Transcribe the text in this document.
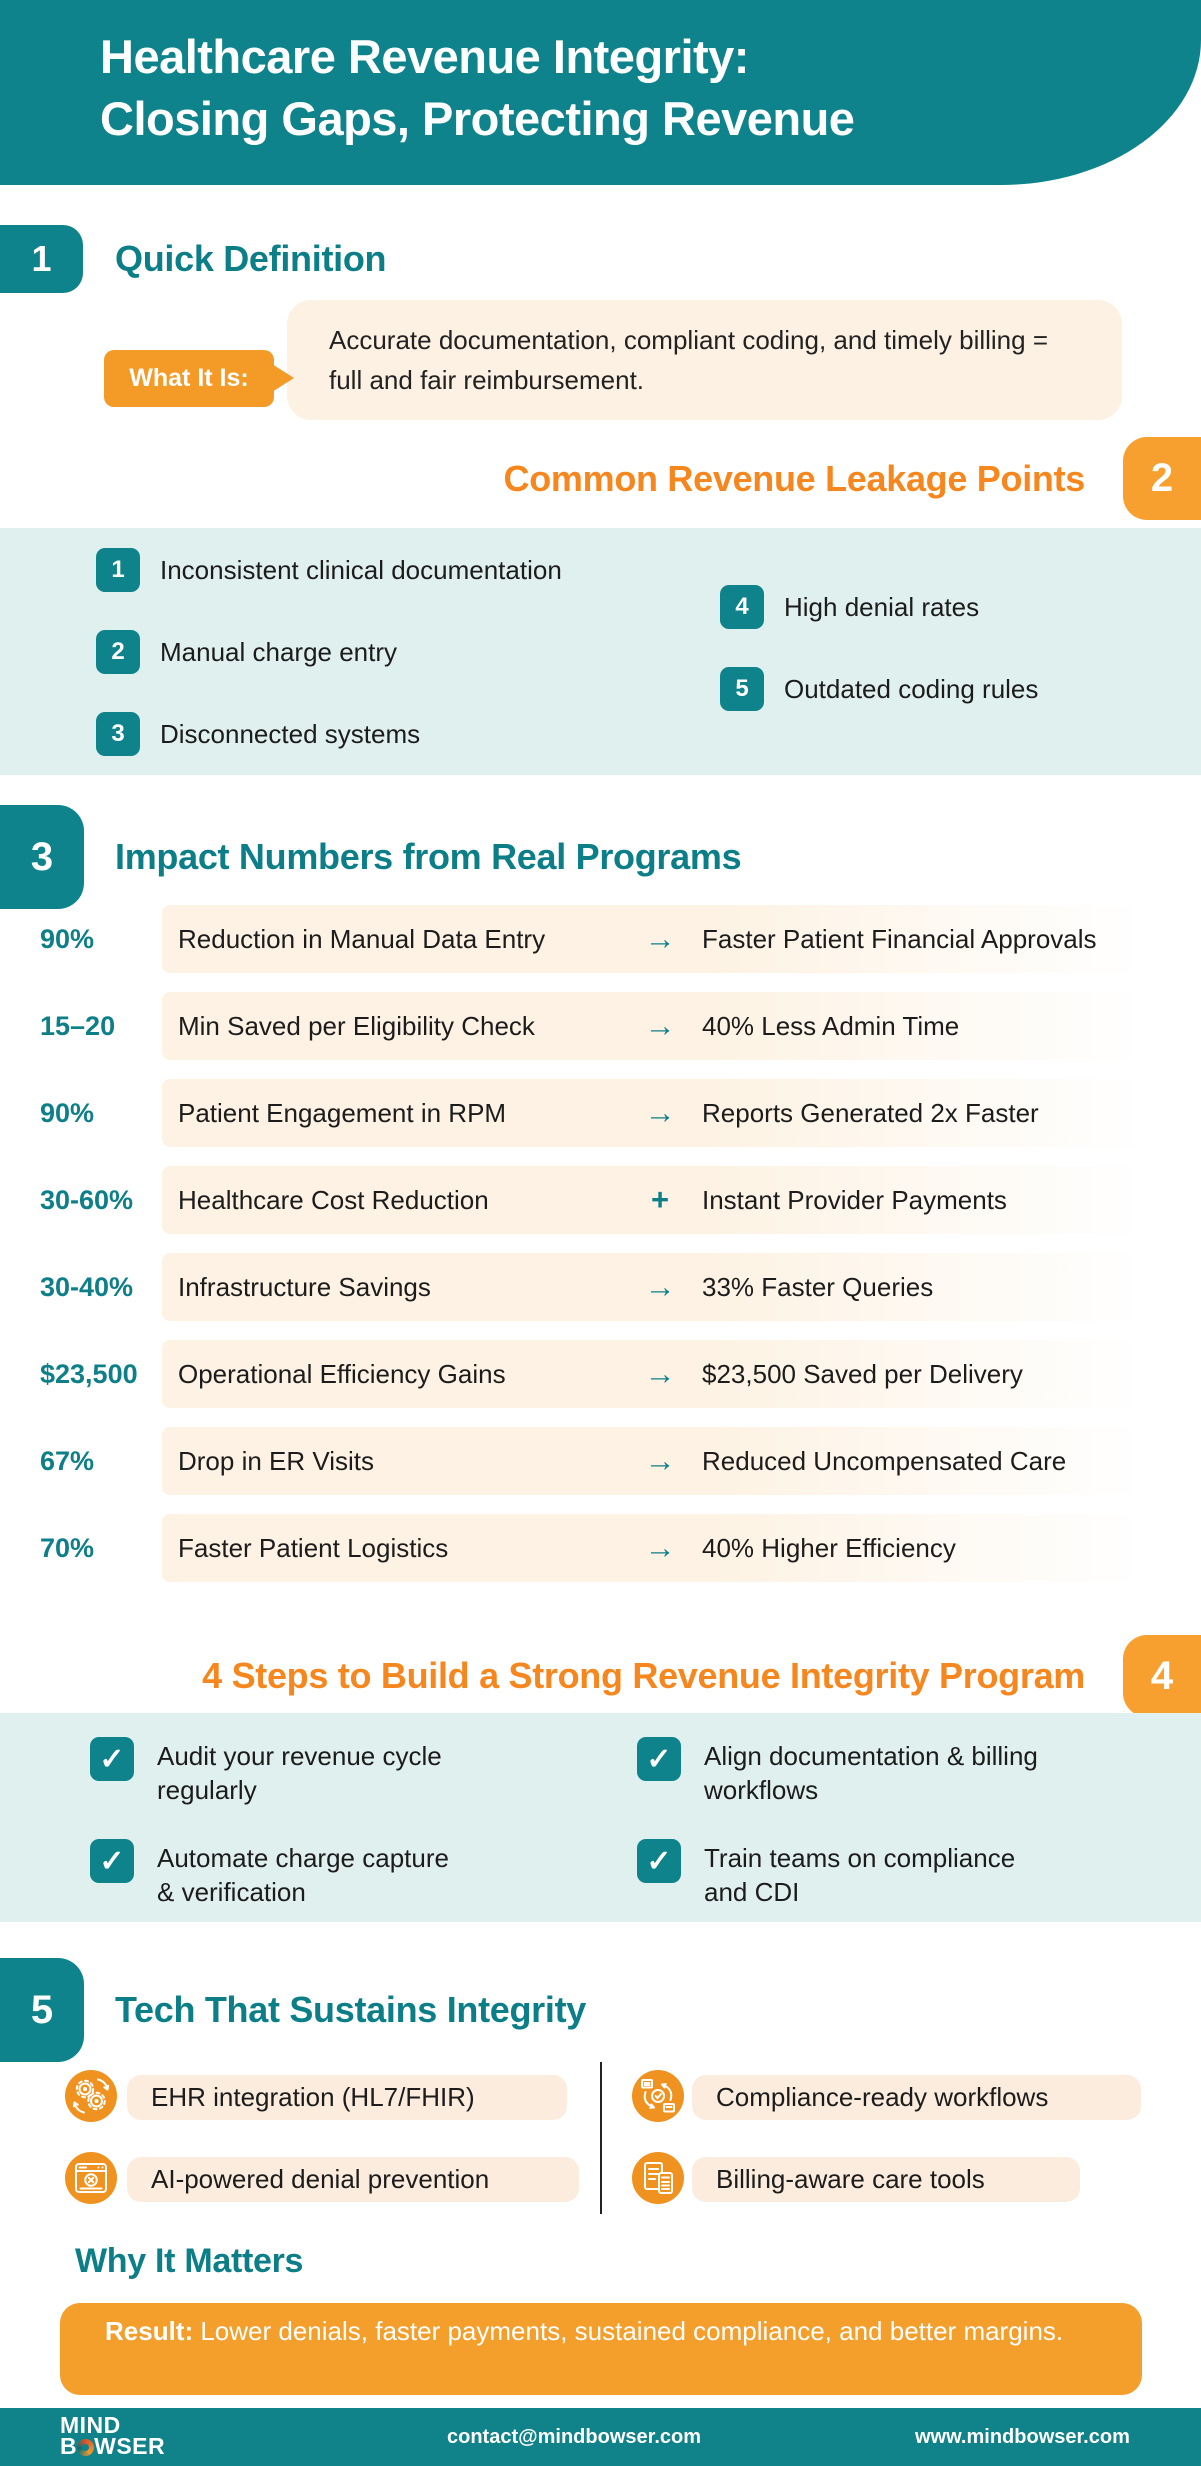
Healthcare Revenue Integrity:
Closing Gaps, Protecting Revenue
1 Quick Definition

Accurate documentation, compliant coding, and timely billing = full and fair reimbursement.

What It Is:
2
Common Revenue Leakage Points
1	Inconsistent clinical documentation
2	Manual charge entry
3	Disconnected systems
4	High denial rates
5	Outdated coding rules
3 Impact Numbers from Real Programs
90%	Reduction in Manual Data Entry	→	Faster Patient Financial Approvals
15–20 Min Saved per Eligibility Check	→	40% Less Admin Time
90%	Patient Engagement in RPM	→	Reports Generated 2x Faster
30-60% Healthcare Cost Reduction	+	Instant Provider Payments
30-40% Infrastructure Savings	→	33% Faster Queries
$23,500 Operational Efficiency Gains	→	$23,500 Saved per Delivery
67%	Drop in ER Visits	→	Reduced Uncompensated Care
70%	Faster Patient Logistics	→	40% Higher Efficiency
4
4 Steps to Build a Strong Revenue Integrity Program
✓	Audit your revenue cycle
regularly
✓	Automate charge capture
& verification
✓	Align documentation & billing
workflows
✓	Train teams on compliance
and CDI
5 Tech That Sustains Integrity
EHR integration (HL7/FHIR)
AI-powered denial prevention
Compliance-ready workflows
Billing-aware care tools
Why It Matters

Result: Lower denials, faster payments, sustained compliance, and better margins.

MIND
B WSER	contact@mindbowser.com	www.mindbowser.com
